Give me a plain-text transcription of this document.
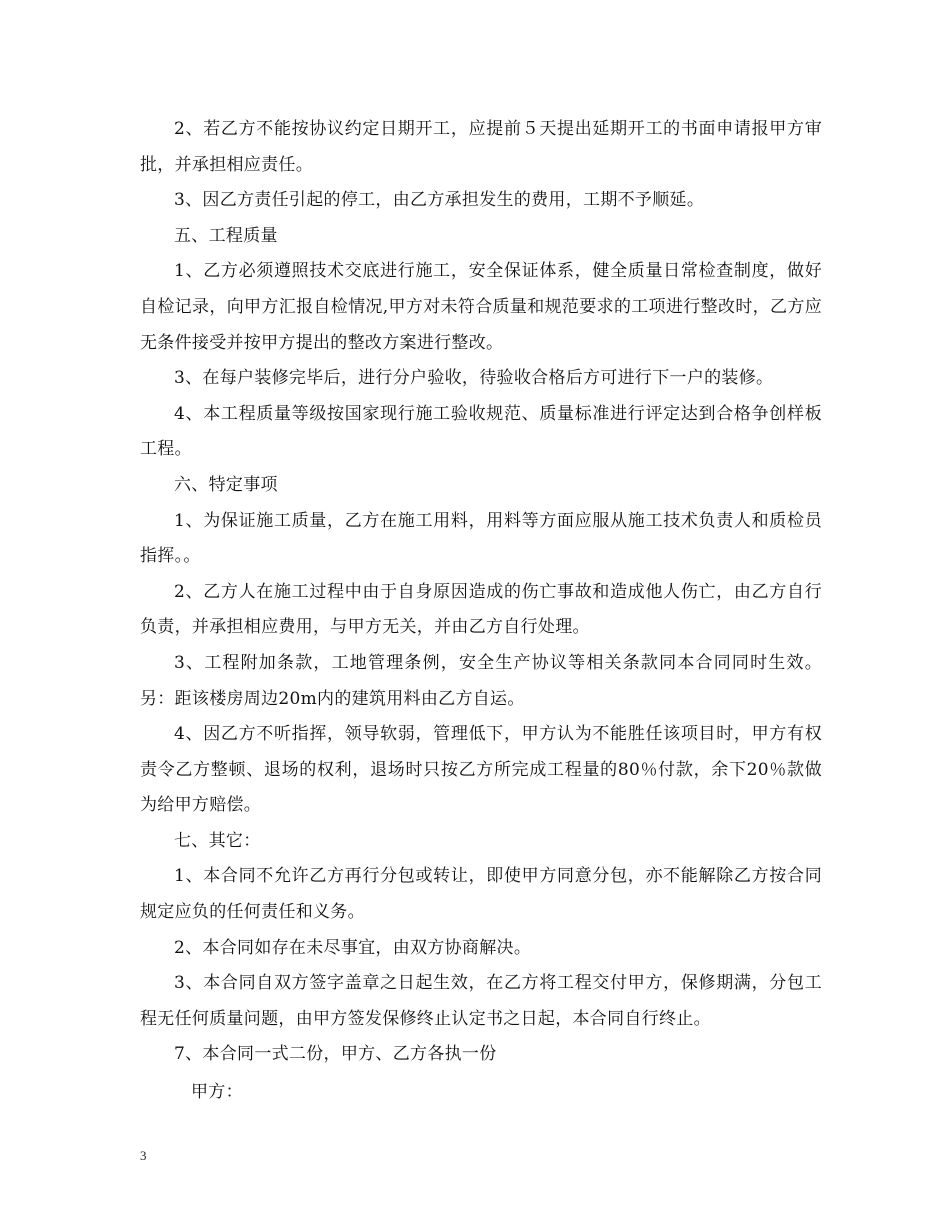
2、若乙方不能按协议约定日期开工，应提前５天提出延期开工的书面申请报甲方审批，并承担相应责任。

3、因乙方责任引起的停工，由乙方承担发生的费用，工期不予顺延。

五、工程质量

1、乙方必须遵照技术交底进行施工，安全保证体系，健全质量日常检查制度，做好自检记录，向甲方汇报自检情况,甲方对未符合质量和规范要求的工项进行整改时，乙方应无条件接受并按甲方提出的整改方案进行整改。

3、在每户装修完毕后，进行分户验收，待验收合格后方可进行下一户的装修。

4、本工程质量等级按国家现行施工验收规范、质量标准进行评定达到合格争创样板工程。

六、特定事项

1、为保证施工质量，乙方在施工用料，用料等方面应服从施工技术负责人和质检员指挥。。

2、乙方人在施工过程中由于自身原因造成的伤亡事故和造成他人伤亡，由乙方自行负责，并承担相应费用，与甲方无关，并由乙方自行处理。

3、工程附加条款，工地管理条例，安全生产协议等相关条款同本合同同时生效。另：距该楼房周边20m内的建筑用料由乙方自运。

4、因乙方不听指挥，领导软弱，管理低下，甲方认为不能胜任该项目时，甲方有权责令乙方整顿、退场的权利，退场时只按乙方所完成工程量的80％付款，余下20％款做为给甲方赔偿。

七、其它：

1、本合同不允许乙方再行分包或转让，即使甲方同意分包，亦不能解除乙方按合同规定应负的任何责任和义务。

2、本合同如存在未尽事宜，由双方协商解决。

3、本合同自双方签字盖章之日起生效，在乙方将工程交付甲方，保修期满，分包工程无任何质量问题，由甲方签发保修终止认定书之日起，本合同自行终止。

7、本合同一式二份，甲方、乙方各执一份

甲方：

3
